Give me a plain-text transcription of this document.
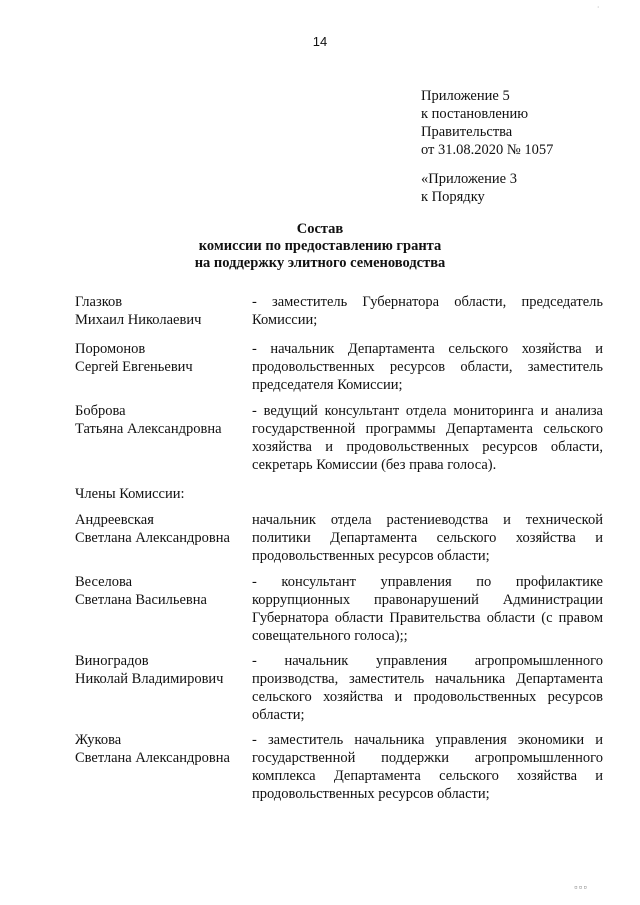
·
14
Приложение 5
к постановлению
Правительства
от 31.08.2020 № 1057
«Приложение 3
к Порядку
Состав
комиссии по предоставлению гранта
на поддержку элитного семеноводства
Глазков
Михаил Николаевич
- заместитель Губернатора области, председатель Комиссии;
Поромонов
Сергей Евгеньевич
- начальник Департамента сельского хозяйства и продовольственных ресурсов области, заместитель председателя Комиссии;
Боброва
Татьяна Александровна
- ведущий консультант отдела мониторинга и анализа государственной программы Департамента сельского хозяйства и продовольственных ресурсов области, секретарь Комиссии (без права голоса).
Члены Комиссии:
Андреевская
Светлана Александровна
начальник отдела растениеводства и технической политики Департамента сельского хозяйства и продовольственных ресурсов области;
Веселова
Светлана Васильевна
- консультант управления по профилактике коррупционных правонарушений Администрации Губернатора области Правительства области (с правом совещательного голоса);;
Виноградов
Николай Владимирович
- начальник управления агропромышленного производства, заместитель начальника Департамента сельского хозяйства и продовольственных ресурсов области;
Жукова
Светлана Александровна
- заместитель начальника управления экономики и государственной поддержки агропромышленного комплекса Департамента сельского хозяйства и продовольственных ресурсов области;
▫▫▫
